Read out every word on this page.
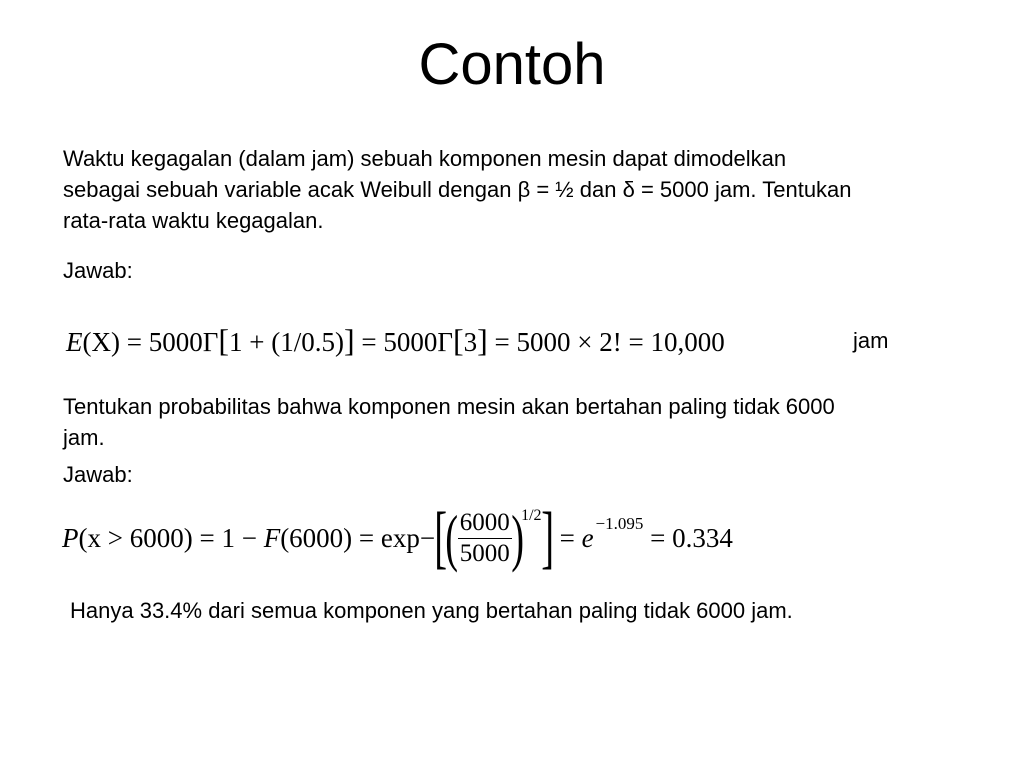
Contoh
Waktu kegagalan (dalam jam) sebuah komponen mesin dapat dimodelkan
sebagai sebuah variable acak Weibull dengan β = ½ dan δ = 5000 jam. Tentukan
rata-rata waktu kegagalan.
Jawab:
E(X) = 5000Γ[1 + (1/0.5)] = 5000Γ[3] = 5000 × 2! = 10,000	jam
Tentukan probabilitas bahwa komponen mesin akan bertahan paling tidak 6000
jam.
Jawab:
P (x > 6000)
=
1 −
F (6000)
=
exp− [
( $\frac{6000}{5000}$ )
1/2 ]
=
e −1.095
=
0.334
Hanya 33.4% dari semua komponen yang bertahan paling tidak 6000 jam.
